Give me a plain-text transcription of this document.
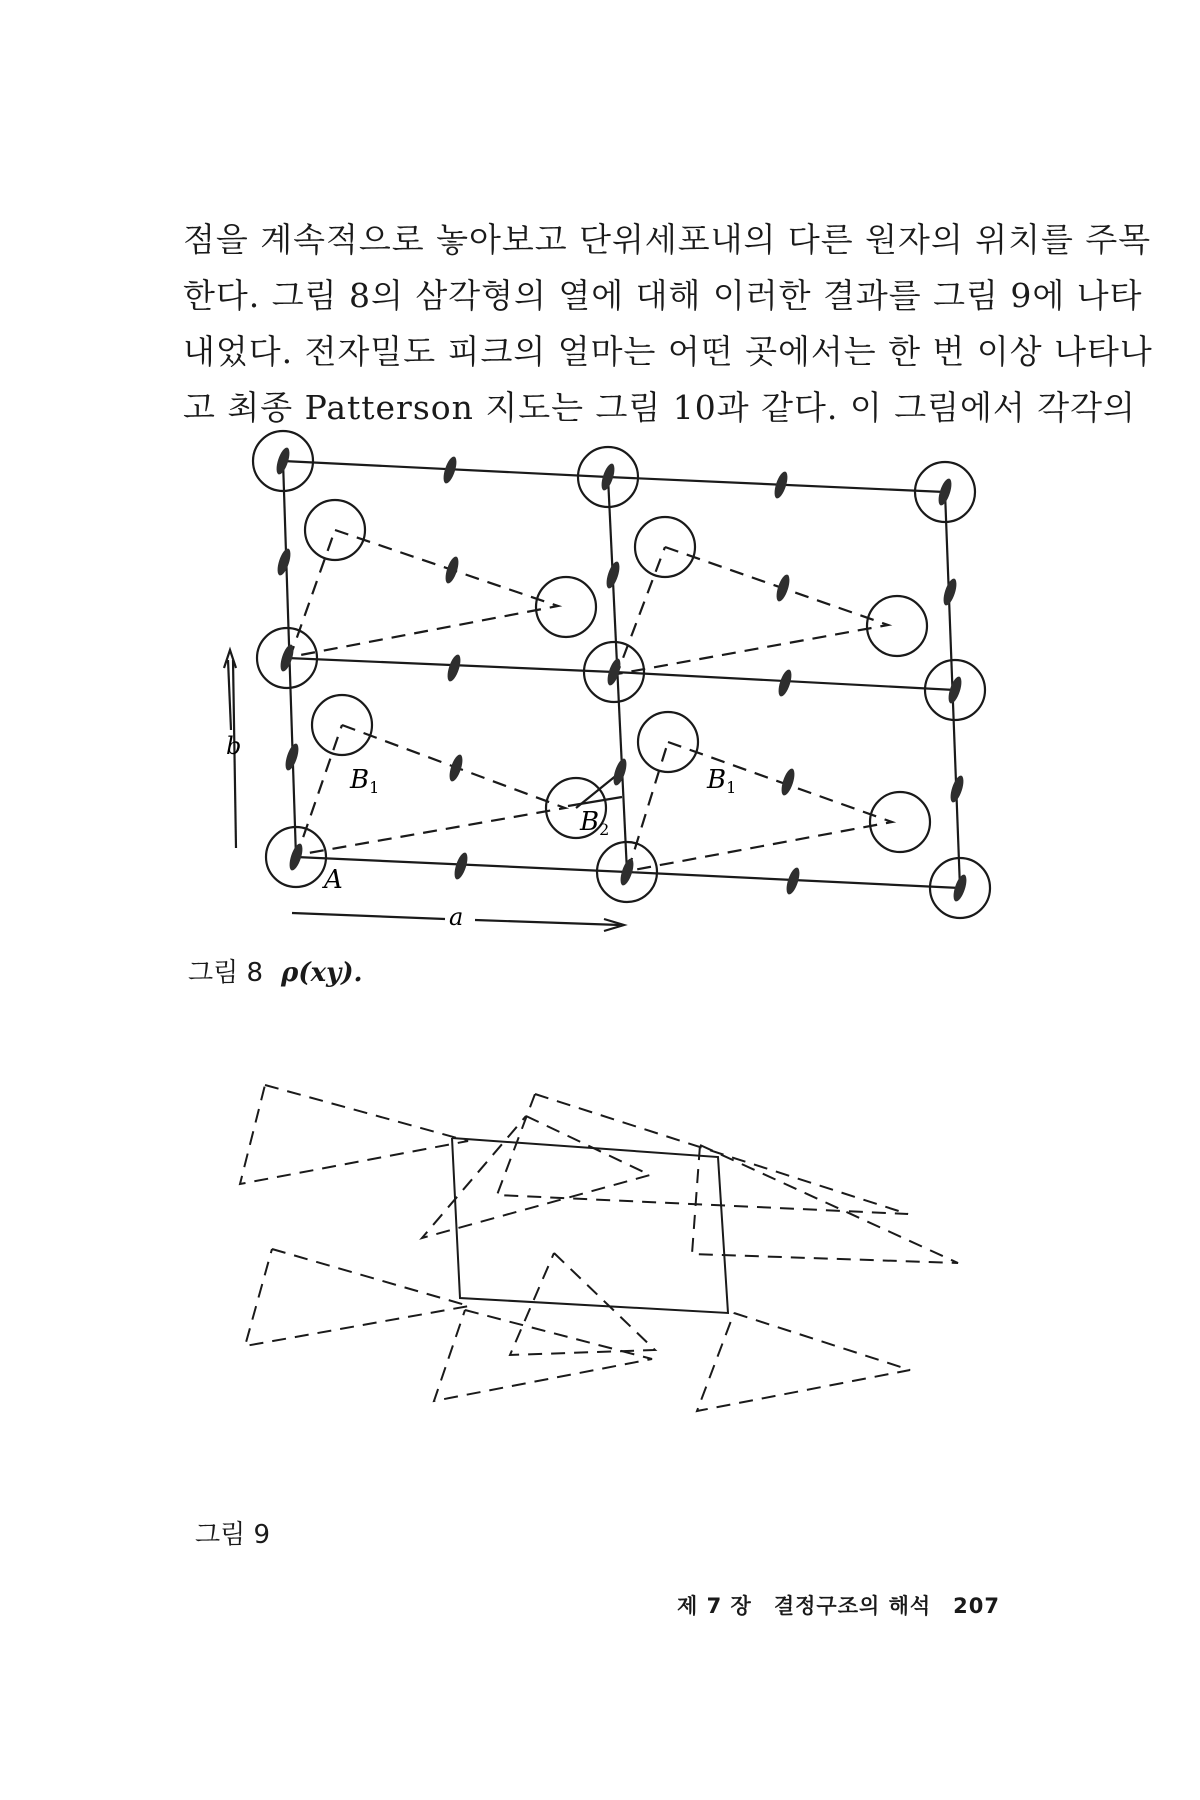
점을 계속적으로 놓아보고 단위세포내의 다른 원자의 위치를 주목
한다. 그림 8의 삼각형의 열에 대해 이러한 결과를 그림 9에 나타
내었다. 전자밀도 피크의 얼마는 어떤 곳에서는 한 번 이상 나타나
고 최종 Patterson 지도는 그림 10과 같다. 이 그림에서 각각의
b
a
A
B1	B1
B2
그림 8 ρ(xy).
그림 9
제 7 장 결정구조의 해석 207
